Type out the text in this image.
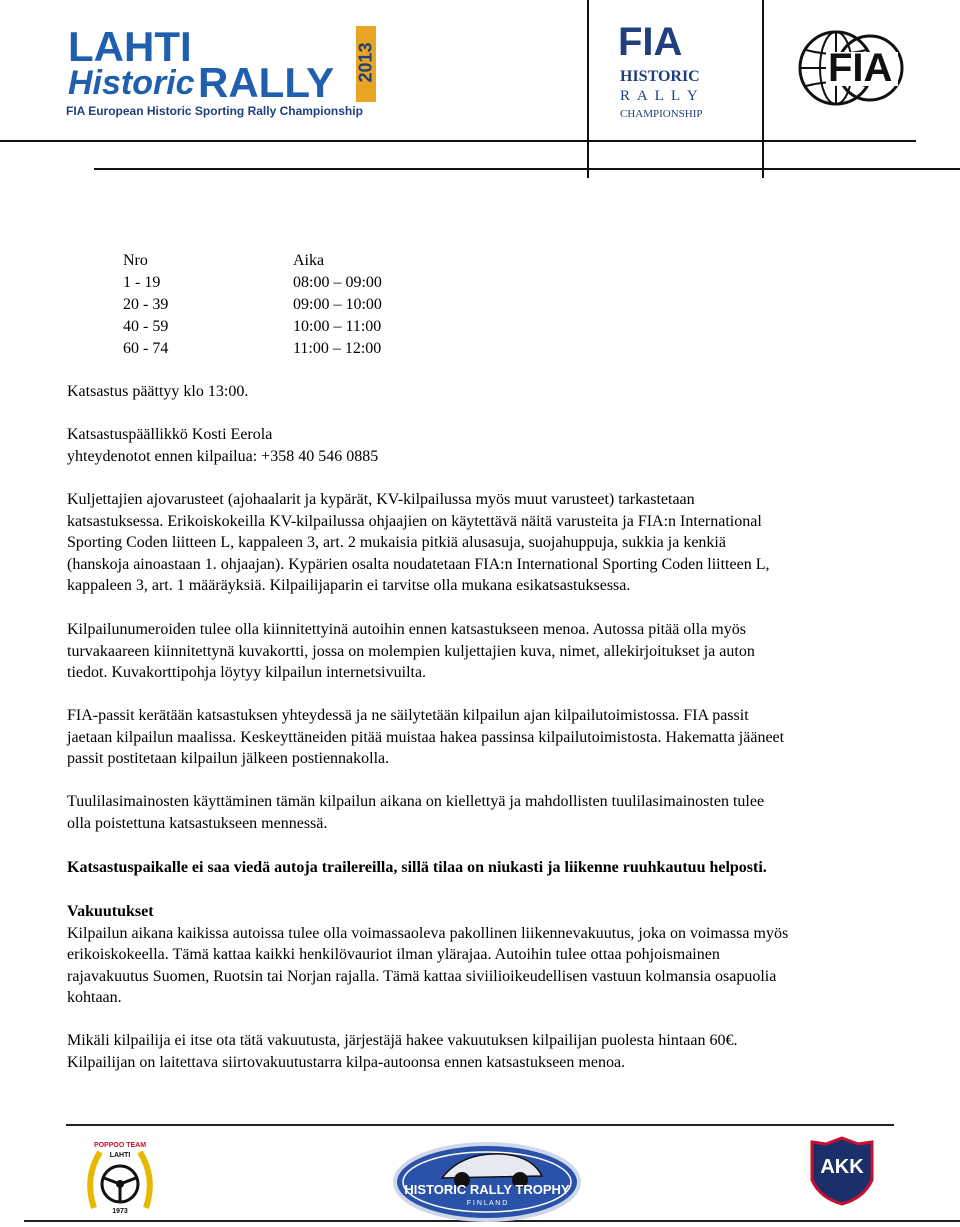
LAHTI
Historic RALLY 2013
FIA European Historic Sporting Rally Championship
FIA
HISTORIC
R A L L Y
CHAMPIONSHIP
FIA
Nro	Aika
1 - 19	08:00 – 09:00
20 - 39	09:00 – 10:00
40 - 59	10:00 – 11:00
60 - 74	11:00 – 12:00
Katsastus päättyy klo 13:00.

Katsastuspäällikkö Kosti Eerola

yhteydenotot ennen kilpailua: +358 40 546 0885

Kuljettajien ajovarusteet (ajohaalarit ja kypärät, KV-kilpailussa myös muut varusteet) tarkastetaan

katsastuksessa. Erikoiskokeilla KV-kilpailussa ohjaajien on käytettävä näitä varusteita ja FIA:n International

Sporting Coden liitteen L, kappaleen 3, art. 2 mukaisia pitkiä alusasuja, suojahuppuja, sukkia ja kenkiä

(hanskoja ainoastaan 1. ohjaajan). Kypärien osalta noudatetaan FIA:n International Sporting Coden liitteen L,

kappaleen 3, art. 1 määräyksiä. Kilpailijaparin ei tarvitse olla mukana esikatsastuksessa.

Kilpailunumeroiden tulee olla kiinnitettyinä autoihin ennen katsastukseen menoa. Autossa pitää olla myös

turvakaareen kiinnitettynä kuvakortti, jossa on molempien kuljettajien kuva, nimet, allekirjoitukset ja auton

tiedot. Kuvakorttipohja löytyy kilpailun internetsivuilta.

FIA-passit kerätään katsastuksen yhteydessä ja ne säilytetään kilpailun ajan kilpailutoimistossa. FIA passit

jaetaan kilpailun maalissa. Keskeyttäneiden pitää muistaa hakea passinsa kilpailutoimistosta. Hakematta jääneet

passit postitetaan kilpailun jälkeen postiennakolla.

Tuulilasimainosten käyttäminen tämän kilpailun aikana on kiellettyä ja mahdollisten tuulilasimainosten tulee

olla poistettuna katsastukseen mennessä.

Katsastuspaikalle ei saa viedä autoja trailereilla, sillä tilaa on niukasti ja liikenne ruuhkautuu helposti.

Vakuutukset

Kilpailun aikana kaikissa autoissa tulee olla voimassaoleva pakollinen liikennevakuutus, joka on voimassa myös

erikoiskokeella. Tämä kattaa kaikki henkilövauriot ilman ylärajaa. Autoihin tulee ottaa pohjoismainen

rajavakuutus Suomen, Ruotsin tai Norjan rajalla. Tämä kattaa siviilioikeudellisen vastuun kolmansia osapuolia

kohtaan.

Mikäli kilpailija ei itse ota tätä vakuutusta, järjestäjä hakee vakuutuksen kilpailijan puolesta hintaan 60€.

Kilpailijan on laitettava siirtovakuutustarra kilpa-autoonsa ennen katsastukseen menoa.

POPPOO TEAM
LAHTI
1973
HISTORIC RALLY TROPHY
F I N L A N D
AKK
